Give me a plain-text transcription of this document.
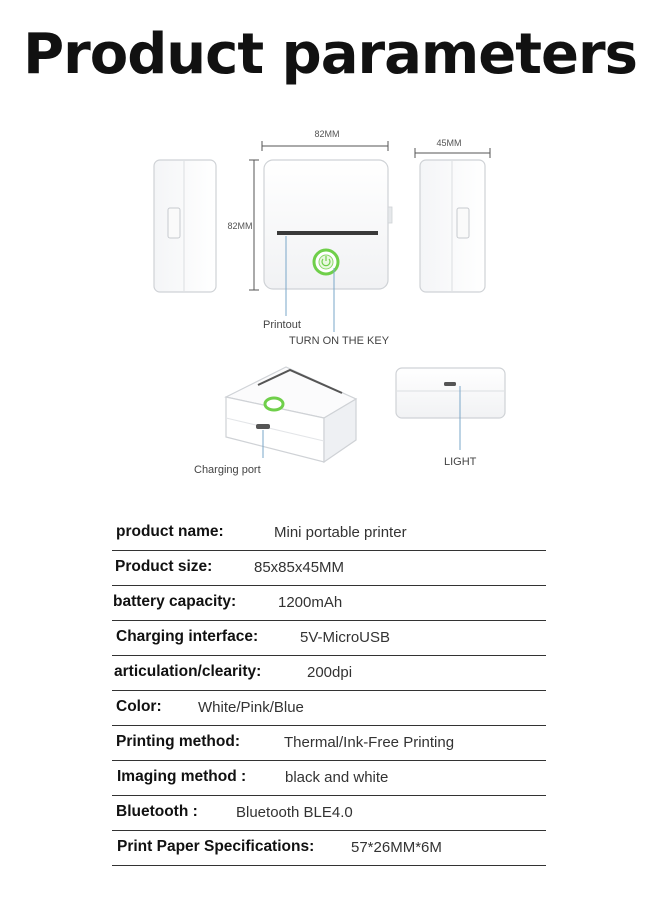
Product parameters
82MM
45MM
82MM
Printout
TURN ON THE KEY
Charging port
LIGHT
product name:	Mini portable printer
Product size:	85x85x45MM
battery capacity:	1200mAh
Charging interface:	5V-MicroUSB
articulation/clearity:	200dpi
Color: White/Pink/Blue
Printing method:	Thermal/Ink-Free Printing
Imaging method :	black and white
Bluetooth :	Bluetooth BLE4.0
Print Paper Specifications: 57*26MM*6M
